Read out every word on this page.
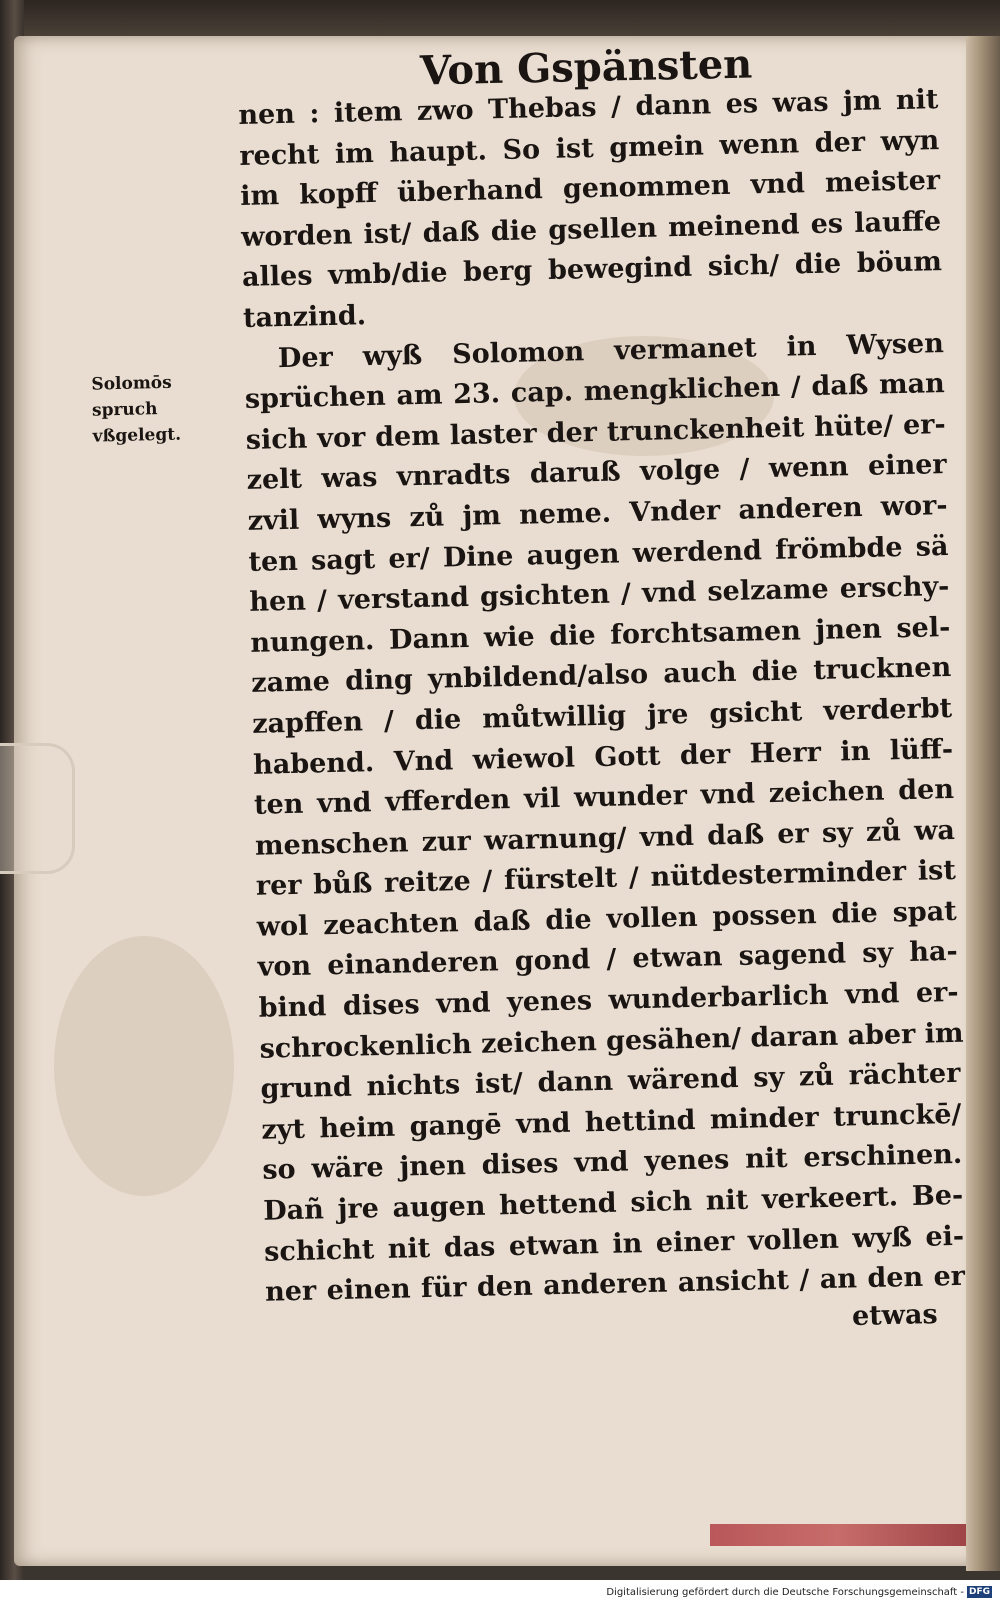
Von Gspänsten
Solomōs
spruch
vßgelegt.
nen : item zwo Thebas / dann es was jm nit
recht im haupt. So ist gmein wenn der wyn
im kopff überhand genommen vnd meister
worden ist/ daß die gsellen meinend es lauffe
alles vmb/die berg bewegind sich/ die böum
tanzind.
Der wyß Solomon vermanet in Wysen
sprüchen am 23. cap. mengklichen / daß man
sich vor dem laster der trunckenheit hüte/ er-
zelt was vnradts daruß volge / wenn einer
zvil wyns zů jm neme. Vnder anderen wor-
ten sagt er/ Dine augen werdend frömbde sä
hen / verstand gsichten / vnd selzame erschy-
nungen. Dann wie die forchtsamen jnen sel-
zame ding ynbildend/also auch die trucknen
zapffen / die můtwillig jre gsicht verderbt
habend. Vnd wiewol Gott der Herr in lüff-
ten vnd vfferden vil wunder vnd zeichen den
menschen zur warnung/ vnd daß er sy zů wa
rer bůß reitze / fürstelt / nütdesterminder ist
wol zeachten daß die vollen possen die spat
von einanderen gond / etwan sagend sy ha-
bind dises vnd yenes wunderbarlich vnd er-
schrockenlich zeichen gesähen/ daran aber im
grund nichts ist/ dann wärend sy zů rächter
zyt heim gangē vnd hettind minder trunckē/
so wäre jnen dises vnd yenes nit erschinen.
Dañ jre augen hettend sich nit verkeert. Be-
schicht nit das etwan in einer vollen wyß ei-
ner einen für den anderen ansicht / an den er
etwas
Digitalisierung gefördert durch die Deutsche Forschungsgemeinschaft - DFG
